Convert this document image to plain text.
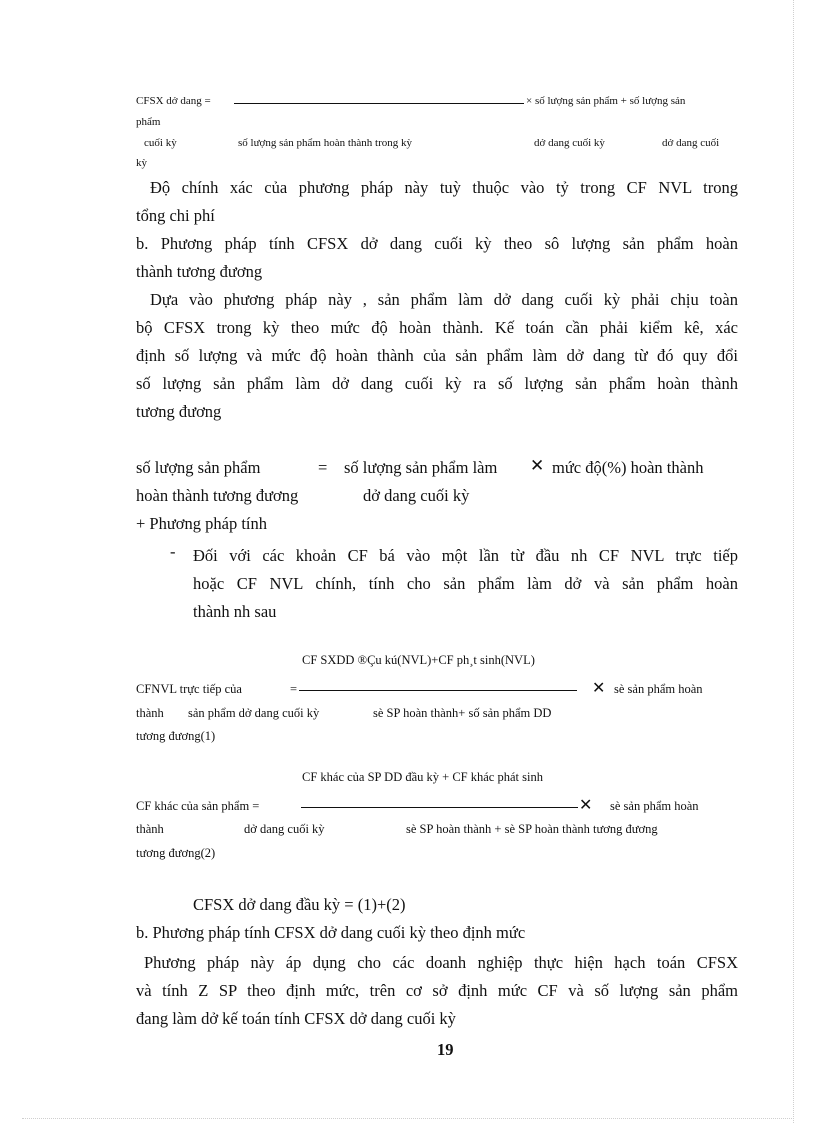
CFSX dở dang =	× số lượng sản phẩm + số lượng sản
phẩm
cuối kỳ	số lượng sản phẩm hoàn thành trong kỳ	dở dang cuối kỳ	dở dang cuối
kỳ
Độ chính xác của phương pháp này tuỳ thuộc vào tỷ trong CF NVL trong
tổng chi phí
b. Phương pháp tính CFSX dở dang cuối kỳ theo sô lượng sản phẩm hoàn
thành tương đương
Dựa vào phương pháp này , sản phẩm làm dở dang cuối kỳ phải chịu toàn
bộ CFSX trong kỳ theo mức độ hoàn thành. Kế toán cần phải kiểm kê, xác
định số lượng và mức độ hoàn thành của sản phẩm làm dở dang từ đó quy đổi
số lượng sản phẩm làm dở dang cuối kỳ ra số lượng sản phẩm hoàn thành
tương đương
số lượng sản phẩm	= số lượng sản phẩm làm ✕ mức độ(%) hoàn thành
hoàn thành tương đương	dở dang cuối kỳ
+ Phương pháp tính
- Đối với các khoản CF bá vào một lần từ đầu nh CF NVL trực tiếp
hoặc CF NVL chính, tính cho sản phẩm làm dở và sản phẩm hoàn
thành nh sau
CF SXDD ®Çu kú(NVL)+CF ph¸t sinh(NVL)
CFNVL trực tiếp của	=	✕ sè sản phẩm hoàn
thành sản phẩm dở dang cuối kỳ	sè SP hoàn thành+ số sản phẩm DD
tương đương(1)
CF khác của SP DD đầu kỳ + CF khác phát sinh
CF khác của sản phẩm =	✕ sè sản phẩm hoàn
thành	dở dang cuối kỳ	sè SP hoàn thành + sè SP hoàn thành tương đương
tương đương(2)
CFSX dở dang đầu kỳ = (1)+(2)
b. Phương pháp tính CFSX dở dang cuối kỳ theo định mức
Phương pháp này áp dụng cho các doanh nghiệp thực hiện hạch toán CFSX
và tính Z SP theo định mức, trên cơ sở định mức CF và số lượng sản phẩm
đang làm dở kế toán tính CFSX dở dang cuối kỳ
19
